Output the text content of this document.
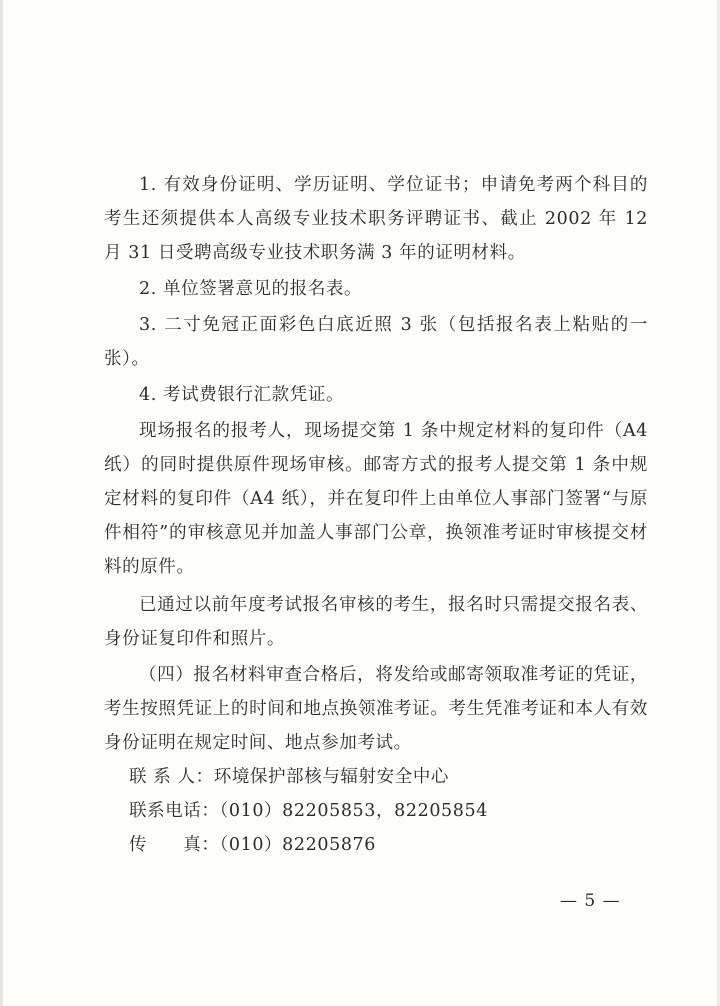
1. 有效身份证明、学历证明、学位证书；申请免考两个科目的考生还须提供本人高级专业技术职务评聘证书、截止 2002 年 12 月 31 日受聘高级专业技术职务满 3 年的证明材料。

2. 单位签署意见的报名表。

3. 二寸免冠正面彩色白底近照 3 张（包括报名表上粘贴的一张）。

4. 考试费银行汇款凭证。

现场报名的报考人，现场提交第 1 条中规定材料的复印件（A4 纸）的同时提供原件现场审核。邮寄方式的报考人提交第 1 条中规定材料的复印件（A4 纸），并在复印件上由单位人事部门签署“与原件相符”的审核意见并加盖人事部门公章，换领准考证时审核提交材料的原件。

已通过以前年度考试报名审核的考生，报名时只需提交报名表、身份证复印件和照片。

（四）报名材料审查合格后，将发给或邮寄领取准考证的凭证，考生按照凭证上的时间和地点换领准考证。考生凭准考证和本人有效身份证明在规定时间、地点参加考试。

联 系 人：环境保护部核与辐射安全中心

联系电话：（010）82205853，82205854

传　　真：（010）82205876

— 5 —
